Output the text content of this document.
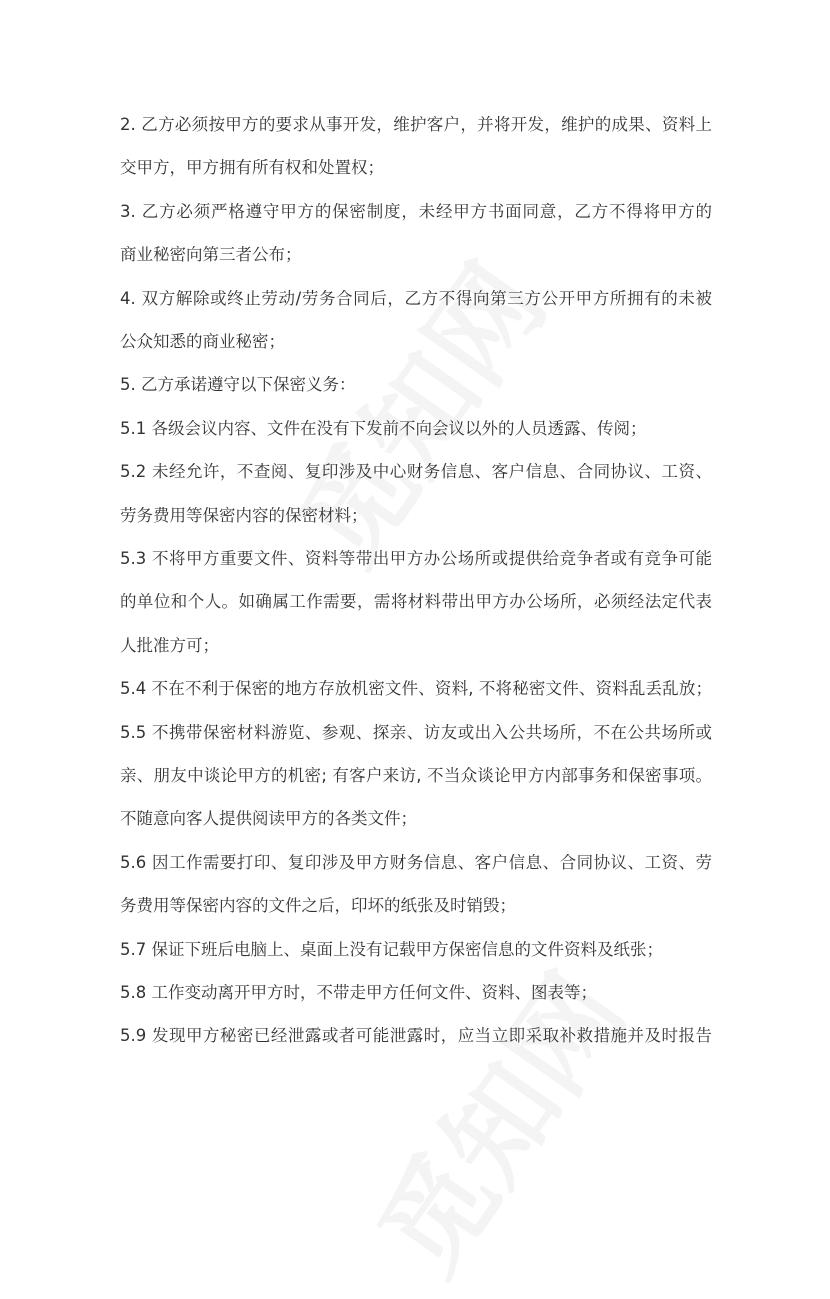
2. 乙方必须按甲方的要求从事开发，维护客户，并将开发，维护的成果、资料上
交甲方，甲方拥有所有权和处置权；
3. 乙方必须严格遵守甲方的保密制度，未经甲方书面同意，乙方不得将甲方的
商业秘密向第三者公布；
4. 双方解除或终止劳动/劳务合同后，乙方不得向第三方公开甲方所拥有的未被
公众知悉的商业秘密；
5. 乙方承诺遵守以下保密义务：
5.1 各级会议内容、文件在没有下发前不向会议以外的人员透露、传阅；
5.2 未经允许，不查阅、复印涉及中心财务信息、客户信息、合同协议、工资、
劳务费用等保密内容的保密材料；
5.3 不将甲方重要文件、资料等带出甲方办公场所或提供给竞争者或有竞争可能
的单位和个人。如确属工作需要，需将材料带出甲方办公场所，必须经法定代表
人批准方可；
5.4 不在不利于保密的地方存放机密文件、资料, 不将秘密文件、资料乱丢乱放；
5.5 不携带保密材料游览、参观、探亲、访友或出入公共场所，不在公共场所或
亲、朋友中谈论甲方的机密; 有客户来访, 不当众谈论甲方内部事务和保密事项。
不随意向客人提供阅读甲方的各类文件；
5.6 因工作需要打印、复印涉及甲方财务信息、客户信息、合同协议、工资、劳
务费用等保密内容的文件之后，印坏的纸张及时销毁；
5.7 保证下班后电脑上、桌面上没有记载甲方保密信息的文件资料及纸张；
5.8 工作变动离开甲方时，不带走甲方任何文件、资料、图表等；
5.9 发现甲方秘密已经泄露或者可能泄露时，应当立即采取补救措施并及时报告
